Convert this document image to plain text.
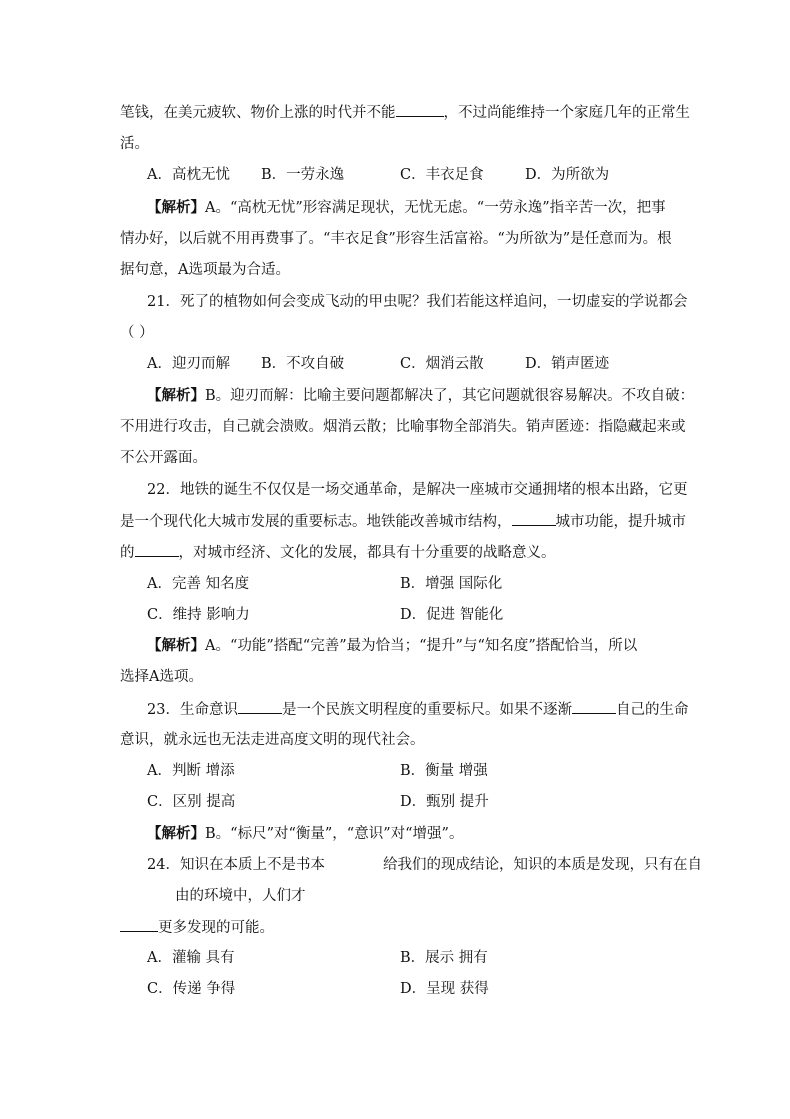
笔钱，在美元疲软、物价上涨的时代并不能	，不过尚能维持一个家庭几年的正常生
活。
A．高枕无忧 B．一劳永逸	C．丰衣足食	D．为所欲为
【解析】A。“高枕无忧”形容满足现状，无忧无虑。“一劳永逸”指辛苦一次，把事
情办好，以后就不用再费事了。“丰衣足食”形容生活富裕。“为所欲为”是任意而为。根
据句意，A选项最为合适。
21．死了的植物如何会变成飞动的甲虫呢？我们若能这样追问，一切虚妄的学说都会
（ ）
A．迎刃而解 B．不攻自破	C．烟消云散	D．销声匿迹
【解析】B。迎刃而解：比喻主要问题都解决了，其它问题就很容易解决。不攻自破：
不用进行攻击，自己就会溃败。烟消云散；比喻事物全部消失。销声匿迹：指隐藏起来或
不公开露面。
22．地铁的诞生不仅仅是一场交通革命，是解决一座城市交通拥堵的根本出路，它更
是一个现代化大城市发展的重要标志。地铁能改善城市结构，	城市功能，提升城市
的	，对城市经济、文化的发展，都具有十分重要的战略意义。
A．完善 知名度	B．增强 国际化
C．维持 影响力	D．促进 智能化
【解析】A。“功能”搭配“完善”最为恰当；“提升”与“知名度”搭配恰当，所以
选择A选项。
23．生命意识	是一个民族文明程度的重要标尺。如果不逐渐	自己的生命
意识，就永远也无法走进高度文明的现代社会。
A．判断 增添	B．衡量 增强
C．区别 提高	D．甄别 提升
【解析】B。“标尺”对“衡量”，“意识”对“增强”。
24．知识在本质上不是书本	给我们的现成结论，知识的本质是发现，只有在自
由的环境中，人们才
更多发现的可能。
A．灌输 具有	B．展示 拥有
C．传递 争得	D．呈现 获得
